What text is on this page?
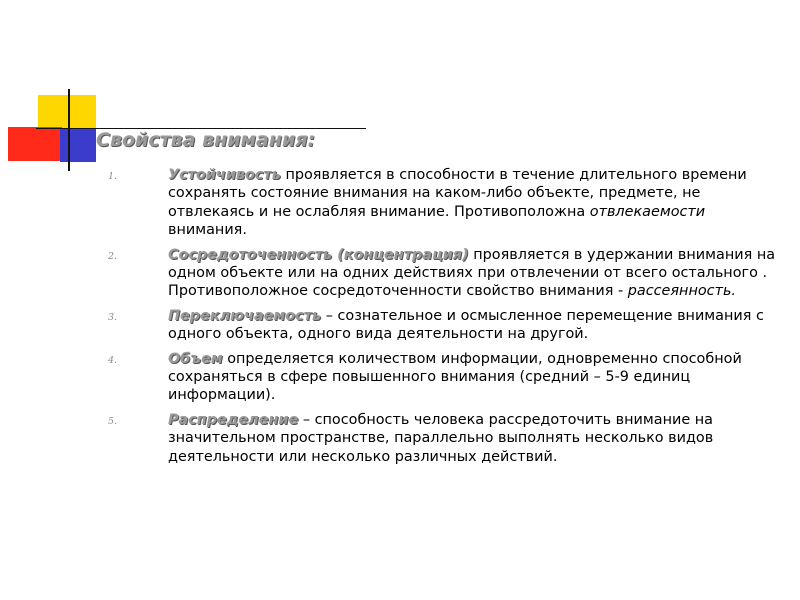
Свойства внимания:
1.	Устойчивость проявляется в способности в течение длительного времени сохранять состояние внимания на каком-либо объекте, предмете, не отвлекаясь и не ослабляя внимание. Противоположна отвлекаемости внимания.
2.	Сосредоточенность (концентрация) проявляется в удержании внимания на одном объекте или на одних действиях при отвлечении от всего остального . Противоположное сосредоточенности свойство внимания - рассеянность.
3.	Переключаемость – сознательное и осмысленное перемещение внимания с одного объекта, одного вида деятельности на другой.
4.	Объем определяется количеством информации, одновременно способной сохраняться в сфере повышенного внимания (средний – 5-9 единиц информации).
5.	Распределение – способность человека рассредоточить внимание на значительном пространстве, параллельно выполнять несколько видов деятельности или несколько различных действий.
